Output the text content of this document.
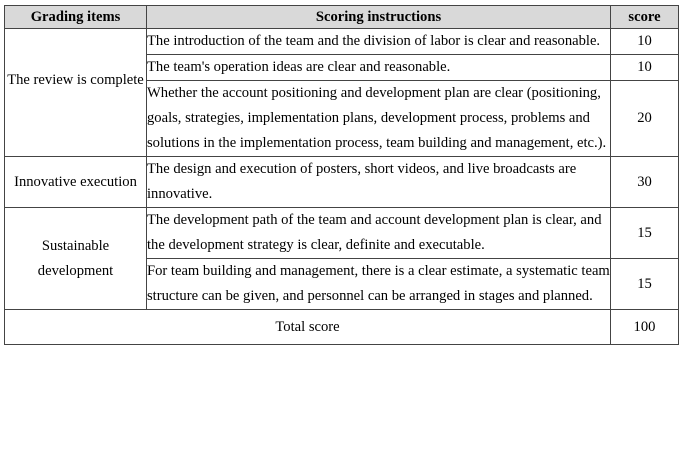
Grading items	Scoring instructions	score
The review is complete	The introduction of the team and the division of labor is clear and reasonable.	10
	The team's operation ideas are clear and reasonable.	10
	Whether the account positioning and development plan are clear (positioning, goals, strategies, implementation plans, development process, problems and solutions in the implementation process, team building and management, etc.).	20
Innovative execution	The design and execution of posters, short videos, and live broadcasts are innovative.	30
Sustainable development	The development path of the team and account development plan is clear, and the development strategy is clear, definite and executable.	15
	For team building and management, there is a clear estimate, a systematic team structure can be given, and personnel can be arranged in stages and planned.	15
Total score		100
